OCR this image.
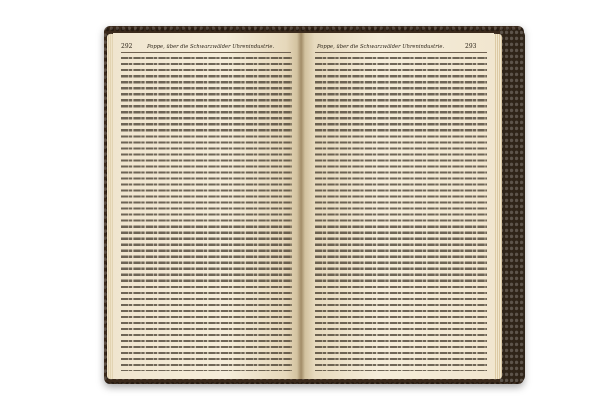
292	Poppe, über die Schwarzwälder Uhrenindustrie.	Poppe, über die Schwarzwälder Uhrenindustrie.	293
